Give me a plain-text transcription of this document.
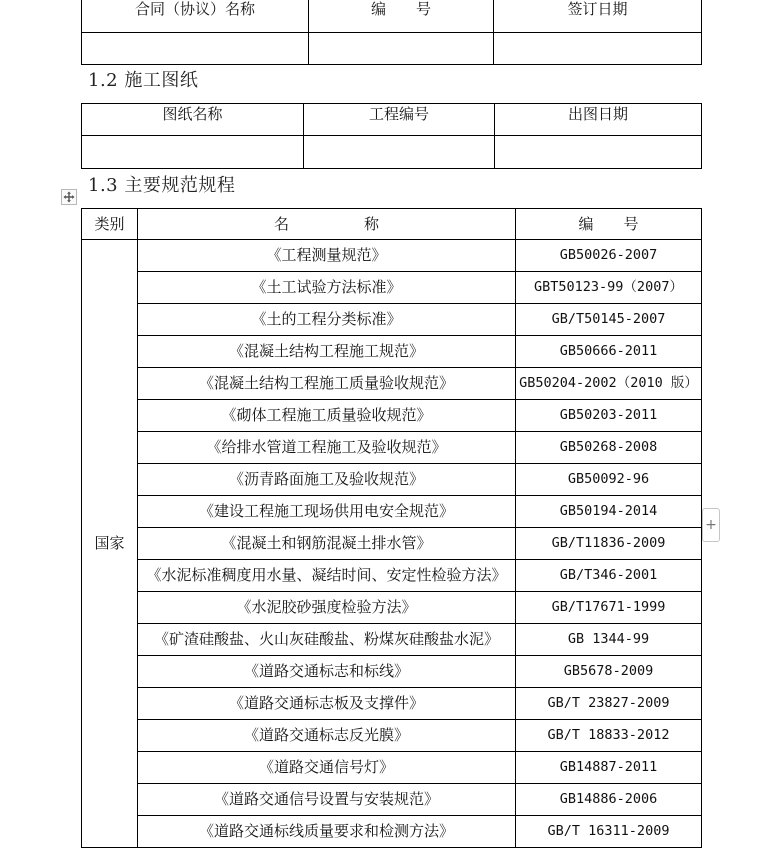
合同（协议）名称	编　　号	签订日期

1.2 施工图纸
图纸名称	工程编号	出图日期

1.3 主要规范规程
类别	名　　　　　称	编　　号
国家	《工程测量规范》	GB50026-2007
	《土工试验方法标准》	GBT50123-99（2007）
	《土的工程分类标准》	GB/T50145-2007
	《混凝土结构工程施工规范》	GB50666-2011
	《混凝土结构工程施工质量验收规范》	GB50204-2002（2010 版）
	《砌体工程施工质量验收规范》	GB50203-2011
	《给排水管道工程施工及验收规范》	GB50268-2008
	《沥青路面施工及验收规范》	GB50092-96
	《建设工程施工现场供用电安全规范》	GB50194-2014
	《混凝土和钢筋混凝土排水管》	GB/T11836-2009
	《水泥标准稠度用水量、凝结时间、安定性检验方法》	GB/T346-2001
	《水泥胶砂强度检验方法》	GB/T17671-1999
	《矿渣硅酸盐、火山灰硅酸盐、粉煤灰硅酸盐水泥》	GB 1344-99
	《道路交通标志和标线》	GB5678-2009
	《道路交通标志板及支撑件》	GB/T 23827-2009
	《道路交通标志反光膜》	GB/T 18833-2012
	《道路交通信号灯》	GB14887-2011
	《道路交通信号设置与安装规范》	GB14886-2006
	《道路交通标线质量要求和检测方法》	GB/T 16311-2009
+
